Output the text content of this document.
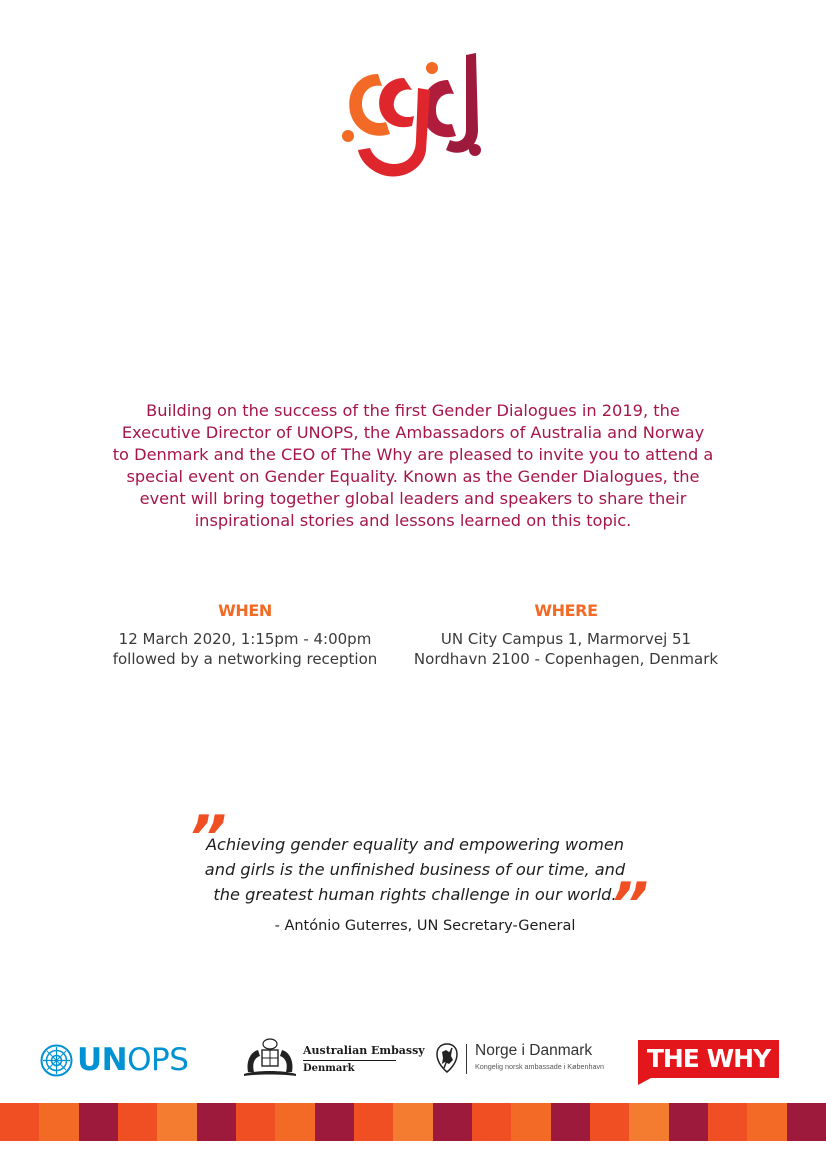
Building on the success of the first Gender Dialogues in 2019, the
Executive Director of UNOPS, the Ambassadors of Australia and Norway
to Denmark and the CEO of The Why are pleased to invite you to attend a
special event on Gender Equality. Known as the Gender Dialogues, the
event will bring together global leaders and speakers to share their
inspirational stories and lessons learned on this topic.
WHEN
12 March 2020, 1:15pm - 4:00pm
followed by a networking reception
WHERE
UN City Campus 1, Marmorvej 51
Nordhavn 2100 - Copenhagen, Denmark
”
Achieving gender equality and empowering women
and girls is the unfinished business of our time, and
the greatest human rights challenge in our world.
”
- António Guterres, UN Secretary-General
UNOPS	Australian Embassy
Denmark
Norge i Danmark
Kongelig norsk ambassade i København	THE WHY
